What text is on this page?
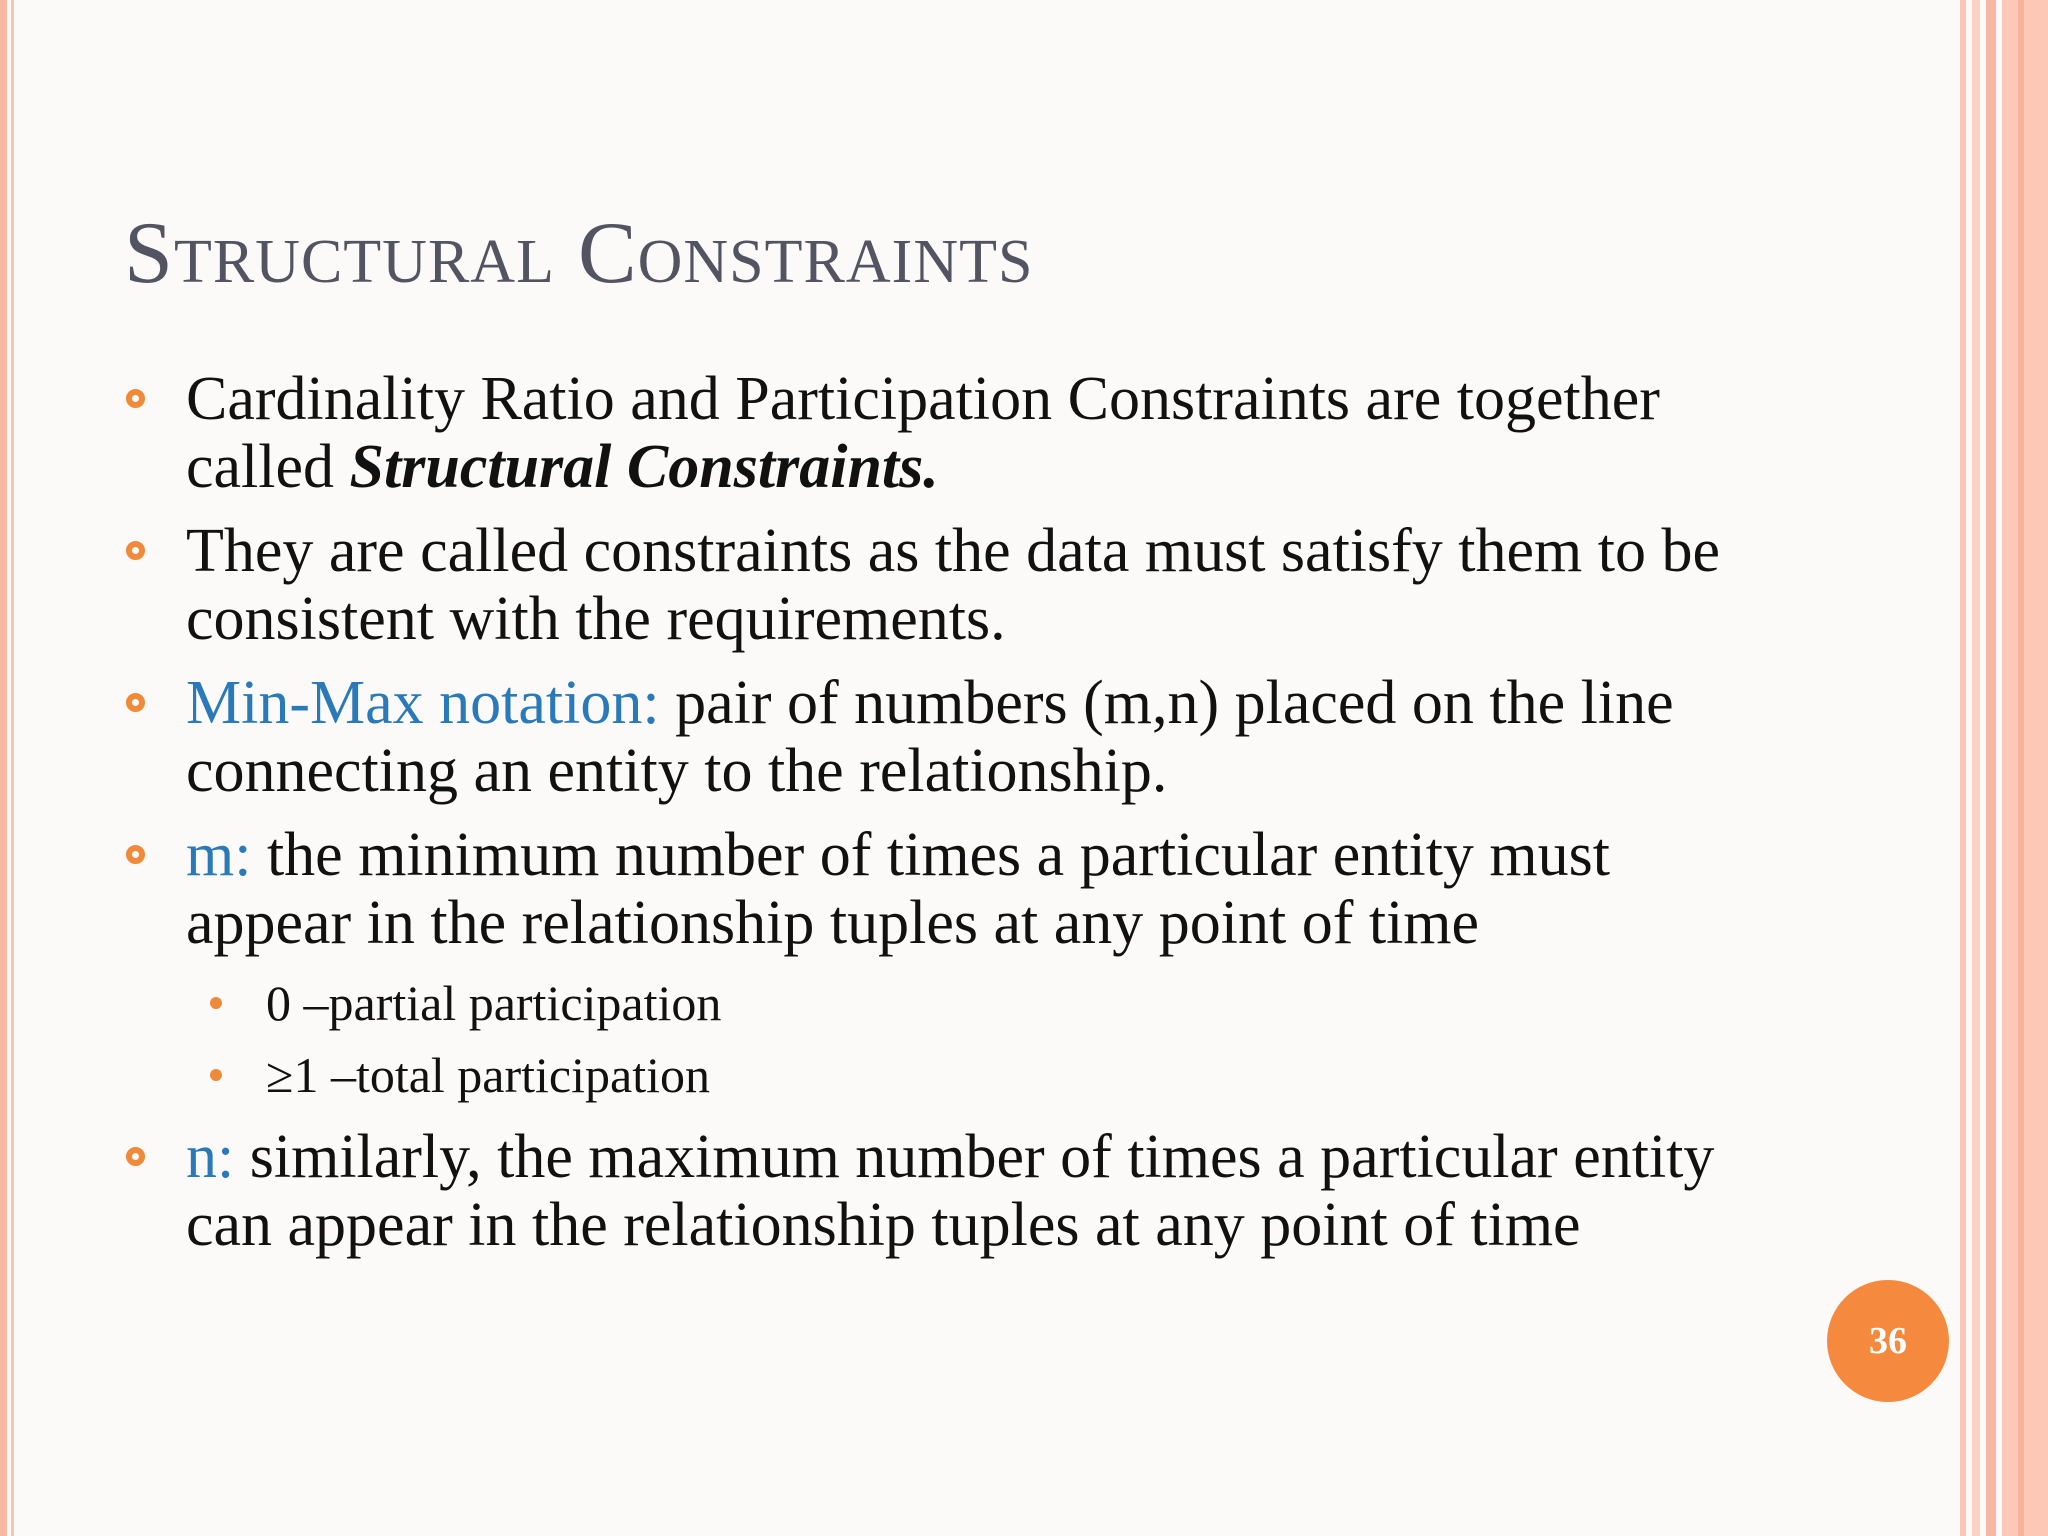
Structural Constraints
Cardinality Ratio and Participation Constraints are together called Structural Constraints.
They are called constraints as the data must satisfy them to be consistent with the requirements.
Min-Max notation: pair of numbers (m,n) placed on the line connecting an entity to the relationship.
m: the minimum number of times a particular entity must appear in the relationship tuples at any point of time
0 –partial participation
≥1 –total participation
n: similarly, the maximum number of times a particular entity can appear in the relationship tuples at any point of time
36
